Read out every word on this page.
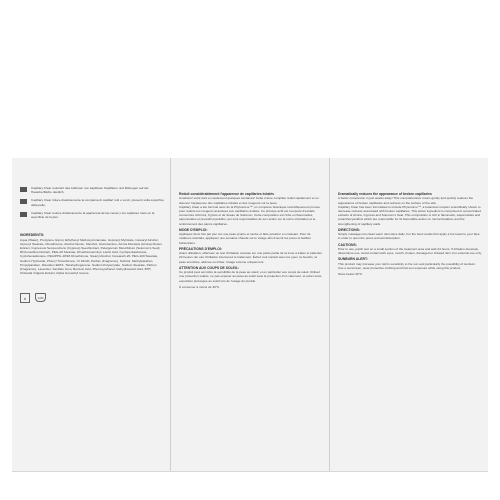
Capillary Clear reduziert das Auftreten von kapillaren Kapillaren und Rötungen auf der Hautoberfläche deutlich.
Capillary Clear riduce drasticamente la comparsa di capillari rotti e venzi, presenti sulla superficie della pelle.
Capillary Clear reduce drásticamente la apariencia de las venas y los capilares rotos en la superficie de la piel.
INGREDIENTS:
Aqua (Water), Propylene Glycol, Ethylhexyl Methoxycinnamate, Isopropyl Myristate, Cetearyl Alcohol, Glyceryl Stearate, Dimethicone, Alcohol Denat., Menthol, Glucosamine, Arnica Montana (Arnica) Flower Extract, Cupressus Sempervirens (Cypress) Seed Extract, Pelargonium Muscifolium (Solomon's Seal) Rhizome/Root Extract, PEG-20 Stearate, Dimethicone/vinyl, Lactic Acid, Cyclopentasiloxane, Cyclohexasiloxane, PEG/PPG-18/18 Dimethicone, Stearyl Alcohol, Ceteareth-20, PEG-100 Stearate, Sodium Hydroxide, Phenyl Trimethicone, CI 19140, Parfum (Fragrance), Sorbitol, Methylparaben, Propylparaben, Disodium EDTA, Tetrahydrogenone, Sodium Polyacrylate, Sodium Stearate, Parfum (Fragrance), Lavender, Xanthan Gum, Benzoic Acid, Phenoxyethanol, Dehydroacetic Acid, BHT, Chlorella Vulgaris Extract, Alpha Isomethyl Ionone.
♻	12M
Reduit considérablement l'apparence de capillaries éclatés
Améliorez votre teint en seulement quelques semaines! Cette crème complète réduit rapidement et en douceur l'apparence des capillaires éclatés et des rougeurs sur la peau.
Capillary Clear a été formulé avec de la Phytosome™, un complexe botanique scientifiquement prouvé pour réduire les rougeurs associées aux capillaires éclatés. Ce principe actif est composé d'extraits concentrés d'Arnica, Cyprès et de Sceau de Salomon. Cette composition est riche en flavonoïdes, saponosides et proanthocyanidins, qui sont responsables de son action sur la micro-circulation et le renforcement des parois capillaires.
MODE D'EMPLOI:
Appliquez deux fois par jour sur une peau propre et sèche et faire pénétrer en massant. Pour de meilleurs résultats, appliquez une semaine chaude sur le visage afin d'ouvrir les pores et faciliter l'absorption.
PRÉCAUTIONS D'EMPLOI:
Avant utilisation, effectuez un test d'irritation cutanée sur une petite partie de la zone à traiter et patienter 24 heures. En cas d'irritation intervenez le traitement. Évitez tout contact avec les yeux, la bouche, la peau écorchée, abîmée ou irritée. Usage externe uniquement.
ATTENTION AUX COUPS DE SOLEIL:
Ce produit peut accroître la sensibilité de la peau au soleil, et en particulier aux coups de soleil. Utilisez une protection solaire, ne pas exposer au peau au soleil sans la protection d'un vêtement, et éviter toute exposition prolongée au soleil lors de l'usage du produit.
À conserver à moins de 30°C.
Dramatically reduces the appearance of broken capillaries
A better complexion in just weeks away! This comprehensive cream gently and quickly reduces the appearance of broken capillaries and redness on the surface of the skin.
Capillary Clear has been formulated to include Phytosome™, a botanical complex scientifically shown to decrease redness associated with broken capillaries. This active ingredient is comprised of concentrated extracts of Arnica, Cypress and Solomon's Seal. This composition is rich in flavonoids, saponosides and proanthocyanidins which are responsible for its favourable action on microcirculation and the strengthening of capillary walls.
DIRECTIONS:
Simply massage into clean warm skin twice daily. For the best results first apply a hot towel to your face in order to open the pores and aid absorption.
CAUTIONS:
Prior to use, patch test on a small section of the treatment area and wait 24 hours. If irritation develops, discontinue use. Avoid contact with eyes, mouth, broken, damaged or irritated skin. For external use only.
SUNBURN ALERT:
This product may increase your skin's sensitivity to the sun and particularly the possibility of sunburn. Use a sunscreen, wear protective clothing and limit sun exposure while using this product.
Store below 30°C.
